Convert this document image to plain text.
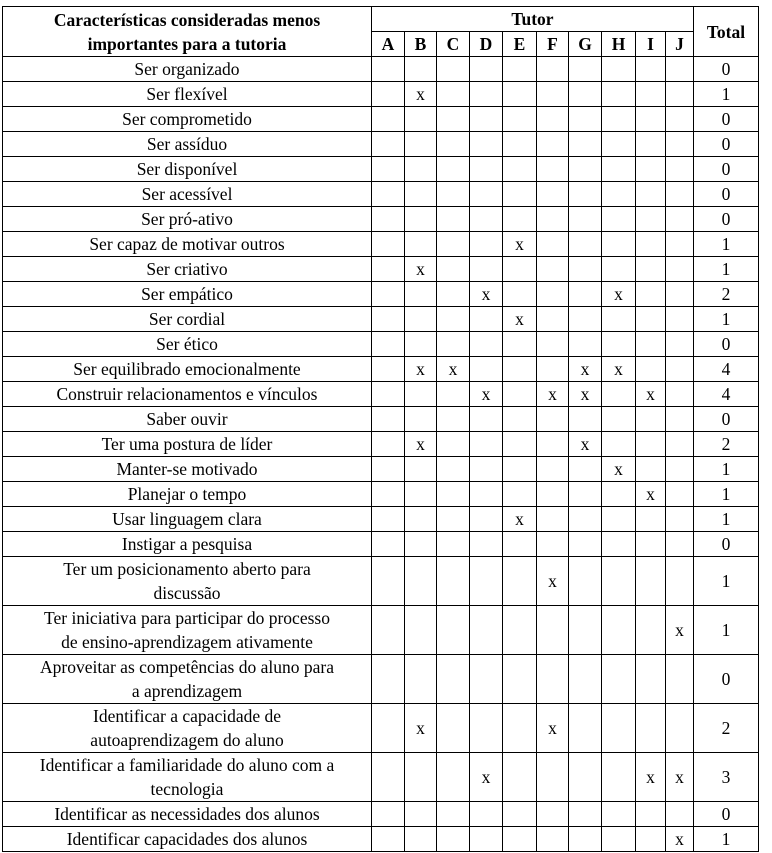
Características consideradas menos
importantes para a tutoria	Tutor										Total
	A	B	C	D	E	F	G	H	I	J	

Ser organizado											0

Ser flexível		x									1

Ser comprometido											0

Ser assíduo											0

Ser disponível											0

Ser acessível											0

Ser pró-ativo											0

Ser capaz de motivar outros					x						1

Ser criativo		x									1

Ser empático				x				x			2

Ser cordial					x						1

Ser ético											0

Ser equilibrado emocionalmente		x	x				x	x			4

Construir relacionamentos e vínculos				x		x	x		x		4

Saber ouvir											0

Ter uma postura de líder		x					x				2

Manter-se motivado								x			1

Planejar o tempo									x		1

Usar linguagem clara					x						1

Instigar a pesquisa											0

Ter um posicionamento aberto para
discussão						x					1

Ter iniciativa para participar do processo
de ensino-aprendizagem ativamente										x	1

Aproveitar as competências do aluno para
a aprendizagem											0

Identificar a capacidade de
autoaprendizagem do aluno		x				x					2

Identificar a familiaridade do aluno com a
tecnologia				x					x	x	3

Identificar as necessidades dos alunos											0

Identificar capacidades dos alunos										x	1
